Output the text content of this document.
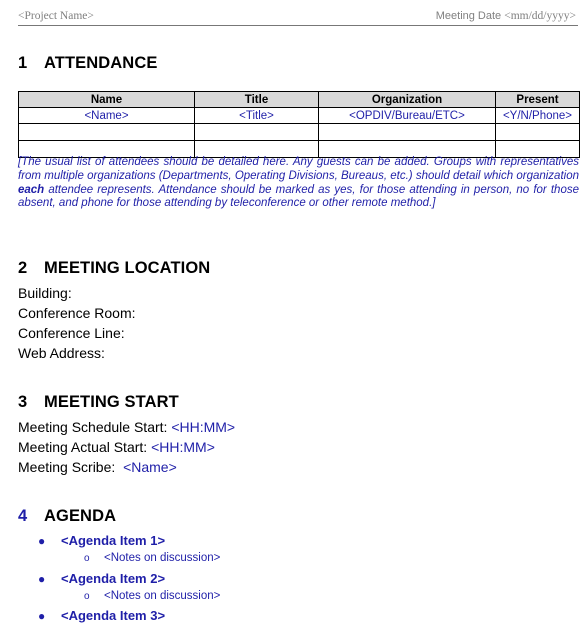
<Project Name>	Meeting Date <mm/dd/yyyy>
1 ATTENDANCE
Name	Title	Organization	Present
<Name>	<Title>	<OPDIV/Bureau/ETC>	<Y/N/Phone>

[The usual list of attendees should be detailed here. Any guests can be added. Groups with representatives from multiple organizations (Departments, Operating Divisions, Bureaus, etc.) should detail which organization each attendee represents. Attendance should be marked as yes, for those attending in person, no for those absent, and phone for those attending by teleconference or other remote method.]
2 MEETING LOCATION
Building:
Conference Room:
Conference Line:
Web Address:
3 MEETING START
Meeting Schedule Start: <HH:MM>
Meeting Actual Start: <HH:MM>
Meeting Scribe: <Name>
4 AGENDA
● <Agenda Item 1>
o <Notes on discussion>
● <Agenda Item 2>
o <Notes on discussion>
● <Agenda Item 3>
